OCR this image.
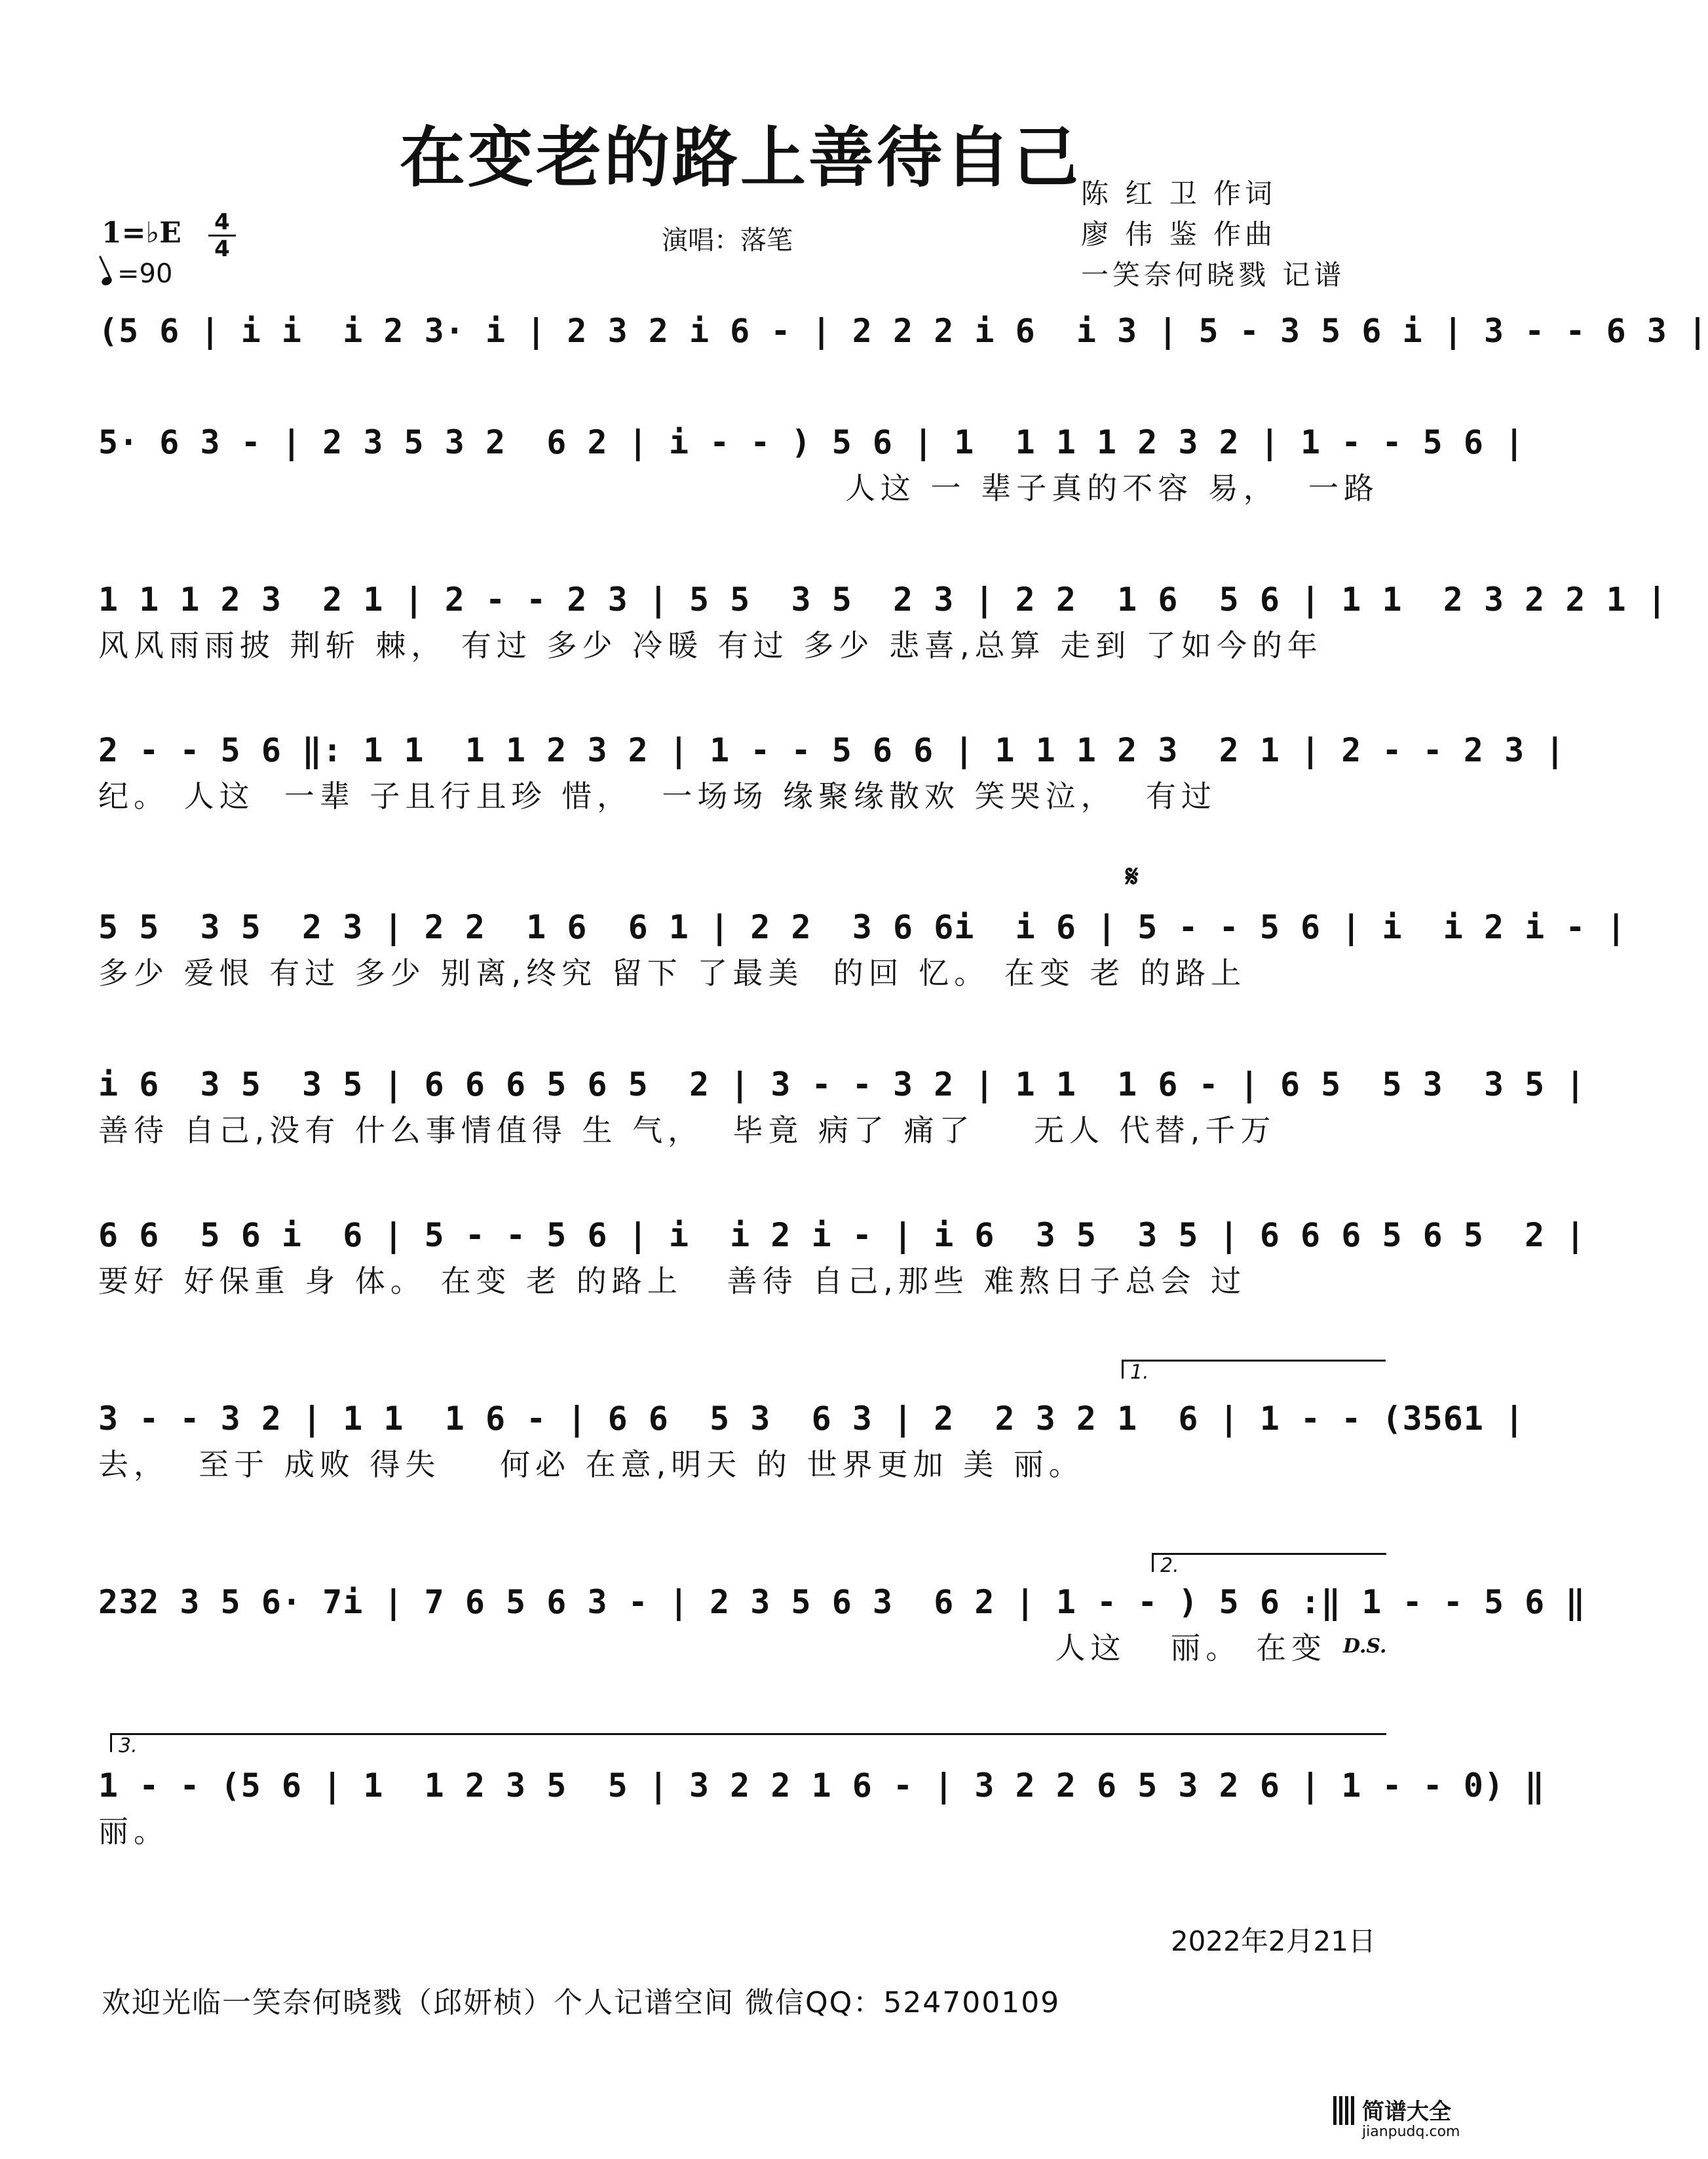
在变老的路上善待自己 陈 红 卫 作词
廖 伟 鉴 作曲
一笑奈何晓戮 记谱
1=♭E 4
4
=90
演唱：落笔
(5 6 | i i  i 2 3· i | 2 3 2 i 6 - | 2 2 2 i 6  i 3 | 5 - 3 5 6 i | 3 - - 6 3 |
5· 6 3 - | 2 3 5 3 2  6 2 | i - - ) 5 6 | 1  1 1 1 2 3 2 | 1 - - 5 6 |
人这 一 辈子真的不容 易，  一路
1 1 1 2 3  2 1 | 2 - - 2 3 | 5 5  3 5  2 3 | 2 2  1 6  5 6 | 1 1  2 3 2 2 1 |
风风雨雨披 荆斩 棘， 有过 多少 冷暖 有过 多少 悲喜,总算 走到 了如今的年
2 - - 5 6 ‖: 1 1  1 1 2 3 2 | 1 - - 5 6 6 | 1 1 1 2 3  2 1 | 2 - - 2 3 |
纪。 人这  一辈 子且行且珍 惜，  一场场 缘聚缘散欢 笑哭泣，  有过
𝄋
5 5  3 5  2 3 | 2 2  1 6  6 1 | 2 2  3 6 6i  i 6 | 5 - - 5 6 | i  i 2 i - |
多少 爱恨 有过 多少 别离,终究 留下 了最美  的回 忆。 在变 老 的路上
i 6  3 5  3 5 | 6 6 6 5 6 5  2 | 3 - - 3 2 | 1 1  1 6 - | 6 5  5 3  3 5 |
善待 自己,没有 什么事情值得 生 气，  毕竟 病了 痛了    无人 代替,千万
6 6  5 6 i  6 | 5 - - 5 6 | i  i 2 i - | i 6  3 5  3 5 | 6 6 6 5 6 5  2 |
要好 好保重 身 体。 在变 老 的路上   善待 自己,那些 难熬日子总会 过
1.
3 - - 3 2 | 1 1  1 6 - | 6 6  5 3  6 3 | 2  2 3 2 1  6 | 1 - - (3561 |
去，  至于 成败 得失    何必 在意,明天 的 世界更加 美 丽。
2.
232 3 5 6· 7i | 7 6 5 6 3 - | 2 3 5 6 3  6 2 | 1 - - ) 5 6 :‖ 1 - - 5 6 ‖
人这   丽。 在变 D.S.
3.
1 - - (5 6 | 1  1 2 3 5  5 | 3 2 2 1 6 - | 3 2 2 6 5 3 2 6 | 1 - - 0) ‖
丽。
2022年2月21日
欢迎光临一笑奈何晓戮（邱妍桢）个人记谱空间 微信QQ：524700109
简谱大全
jianpudq.com
